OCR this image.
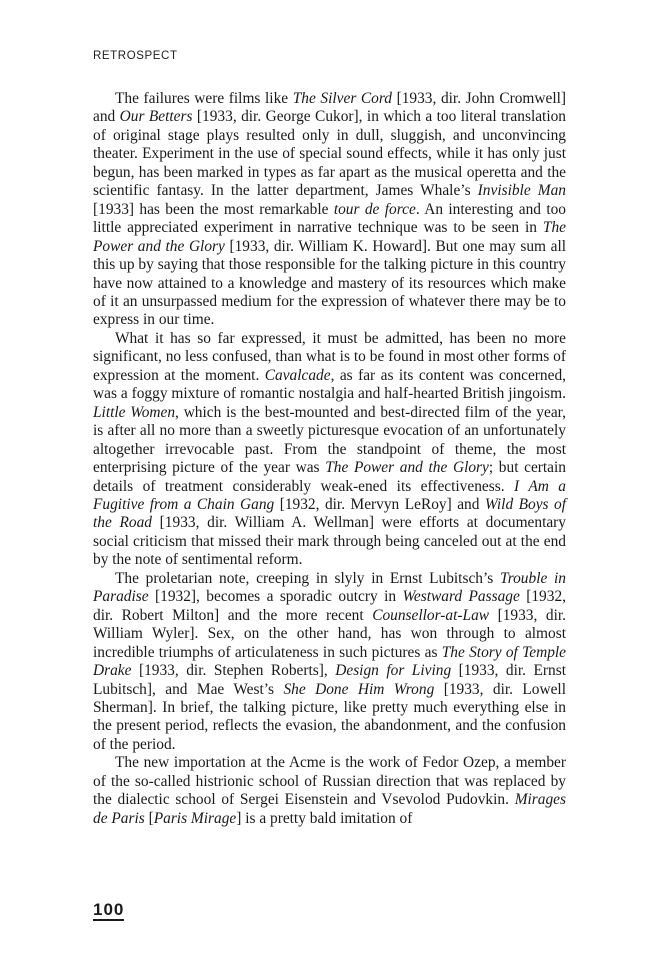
RETROSPECT

The failures were films like The Silver Cord [1933, dir. John Cromwell] and Our Betters [1933, dir. George Cukor], in which a too literal translation of original stage plays resulted only in dull, sluggish, and unconvincing theater. Experiment in the use of special sound effects, while it has only just begun, has been marked in types as far apart as the musical operetta and the scientific fantasy. In the latter department, James Whale’s Invisible Man [1933] has been the most remarkable tour de force. An interesting and too little appreciated experiment in narrative technique was to be seen in The Power and the Glory [1933, dir. William K. Howard]. But one may sum all this up by saying that those responsible for the talking picture in this country have now attained to a knowledge and mastery of its resources which make of it an unsurpassed medium for the expression of whatever there may be to express in our time.

What it has so far expressed, it must be admitted, has been no more significant, no less confused, than what is to be found in most other forms of expression at the moment. Cavalcade, as far as its content was concerned, was a foggy mixture of romantic nostalgia and half-hearted British jingoism. Little Women, which is the best-mounted and best-directed film of the year, is after all no more than a sweetly picturesque evocation of an unfortunately altogether irrevocable past. From the standpoint of theme, the most enterprising picture of the year was The Power and the Glory; but certain details of treatment considerably weak-ened its effectiveness. I Am a Fugitive from a Chain Gang [1932, dir. Mervyn LeRoy] and Wild Boys of the Road [1933, dir. William A. Wellman] were efforts at documentary social criticism that missed their mark through being canceled out at the end by the note of sentimental reform.

The proletarian note, creeping in slyly in Ernst Lubitsch’s Trouble in Paradise [1932], becomes a sporadic outcry in Westward Passage [1932, dir. Robert Milton] and the more recent Counsellor-at-Law [1933, dir. William Wyler]. Sex, on the other hand, has won through to almost incredible triumphs of articulateness in such pictures as The Story of Temple Drake [1933, dir. Stephen Roberts], Design for Living [1933, dir. Ernst Lubitsch], and Mae West’s She Done Him Wrong [1933, dir. Lowell Sherman]. In brief, the talking picture, like pretty much everything else in the present period, reflects the evasion, the abandonment, and the confusion of the period.

The new importation at the Acme is the work of Fedor Ozep, a member of the so-called histrionic school of Russian direction that was replaced by the dialectic school of Sergei Eisenstein and Vsevolod Pudovkin. Mirages de Paris [Paris Mirage] is a pretty bald imitation of

100
